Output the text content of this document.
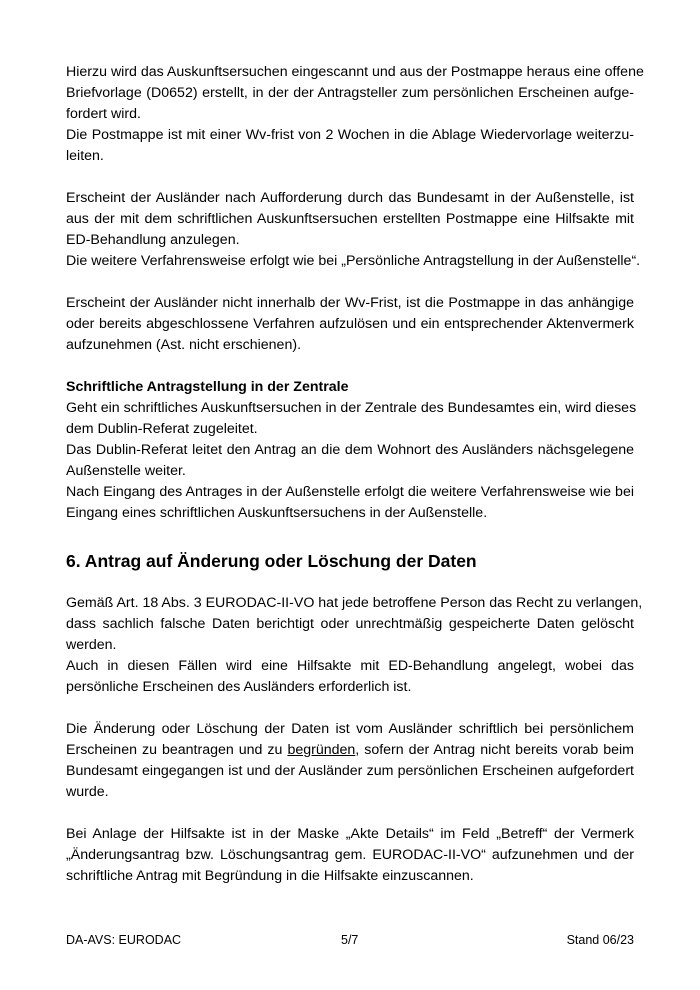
Hierzu wird das Auskunftsersuchen eingescannt und aus der Postmappe heraus eine offene
Briefvorlage (D0652) erstellt, in der der Antragsteller zum persönlichen Erscheinen aufge-
fordert wird.
Die Postmappe ist mit einer Wv-frist von 2 Wochen in die Ablage Wiedervorlage weiterzu-
leiten.
Erscheint der Ausländer nach Aufforderung durch das Bundesamt in der Außenstelle, ist
aus der mit dem schriftlichen Auskunftsersuchen erstellten Postmappe eine Hilfsakte mit
ED-Behandlung anzulegen.
Die weitere Verfahrensweise erfolgt wie bei „Persönliche Antragstellung in der Außenstelle“.
Erscheint der Ausländer nicht innerhalb der Wv-Frist, ist die Postmappe in das anhängige
oder bereits abgeschlossene Verfahren aufzulösen und ein entsprechender Aktenvermerk
aufzunehmen (Ast. nicht erschienen).
Schriftliche Antragstellung in der Zentrale
Geht ein schriftliches Auskunftsersuchen in der Zentrale des Bundesamtes ein, wird dieses
dem Dublin-Referat zugeleitet.
Das Dublin-Referat leitet den Antrag an die dem Wohnort des Ausländers nächsgelegene
Außenstelle weiter.
Nach Eingang des Antrages in der Außenstelle erfolgt die weitere Verfahrensweise wie bei
Eingang eines schriftlichen Auskunftsersuchens in der Außenstelle.
6. Antrag auf Änderung oder Löschung der Daten
Gemäß Art. 18 Abs. 3 EURODAC-II-VO hat jede betroffene Person das Recht zu verlangen,
dass sachlich falsche Daten berichtigt oder unrechtmäßig gespeicherte Daten gelöscht
werden.
Auch in diesen Fällen wird eine Hilfsakte mit ED-Behandlung angelegt, wobei das
persönliche Erscheinen des Ausländers erforderlich ist.
Die Änderung oder Löschung der Daten ist vom Ausländer schriftlich bei persönlichem
Erscheinen zu beantragen und zu begründen, sofern der Antrag nicht bereits vorab beim
Bundesamt eingegangen ist und der Ausländer zum persönlichen Erscheinen aufgefordert
wurde.
Bei Anlage der Hilfsakte ist in der Maske „Akte Details“ im Feld „Betreff“ der Vermerk
„Änderungsantrag bzw. Löschungsantrag gem. EURODAC-II-VO“ aufzunehmen und der
schriftliche Antrag mit Begründung in die Hilfsakte einzuscannen.
DA-AVS: EURODAC	5/7	Stand 06/23
